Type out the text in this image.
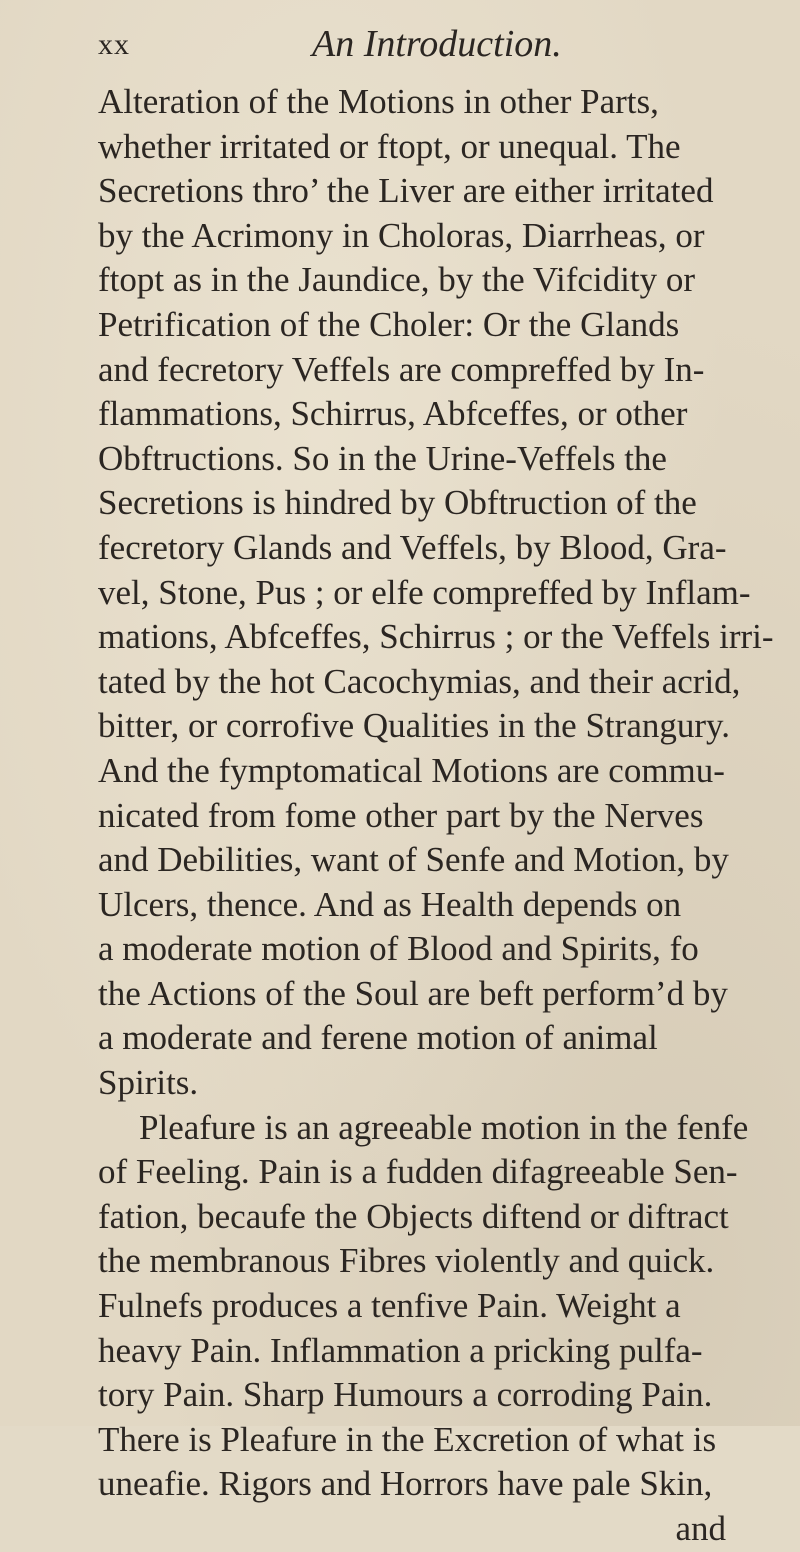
xx	An Introduction.
Alteration of the Motions in other Parts,
whether irritated or ftopt, or unequal. The
Secretions thro’ the Liver are either irritated
by the Acrimony in Choloras, Diarrheas, or
ftopt as in the Jaundice, by the Vifcidity or
Petrification of the Choler: Or the Glands
and fecretory Veffels are compreffed by In-
flammations, Schirrus, Abfceffes, or other
Obftructions. So in the Urine-Veffels the
Secretions is hindred by Obftruction of the
fecretory Glands and Veffels, by Blood, Gra-
vel, Stone, Pus ; or elfe compreffed by Inflam-
mations, Abfceffes, Schirrus ; or the Veffels irri-
tated by the hot Cacochymias, and their acrid,
bitter, or corrofive Qualities in the Strangury.
And the fymptomatical Motions are commu-
nicated from fome other part by the Nerves
and Debilities, want of Senfe and Motion, by
Ulcers, thence. And as Health depends on
a moderate motion of Blood and Spirits, fo
the Actions of the Soul are beft perform’d by
a moderate and ferene motion of animal
Spirits.
Pleafure is an agreeable motion in the fenfe
of Feeling. Pain is a fudden difagreeable Sen-
fation, becaufe the Objects diftend or diftract
the membranous Fibres violently and quick.
Fulnefs produces a tenfive Pain. Weight a
heavy Pain. Inflammation a pricking pulfa-
tory Pain. Sharp Humours a corroding Pain.
There is Pleafure in the Excretion of what is
uneafie. Rigors and Horrors have pale Skin,
and
